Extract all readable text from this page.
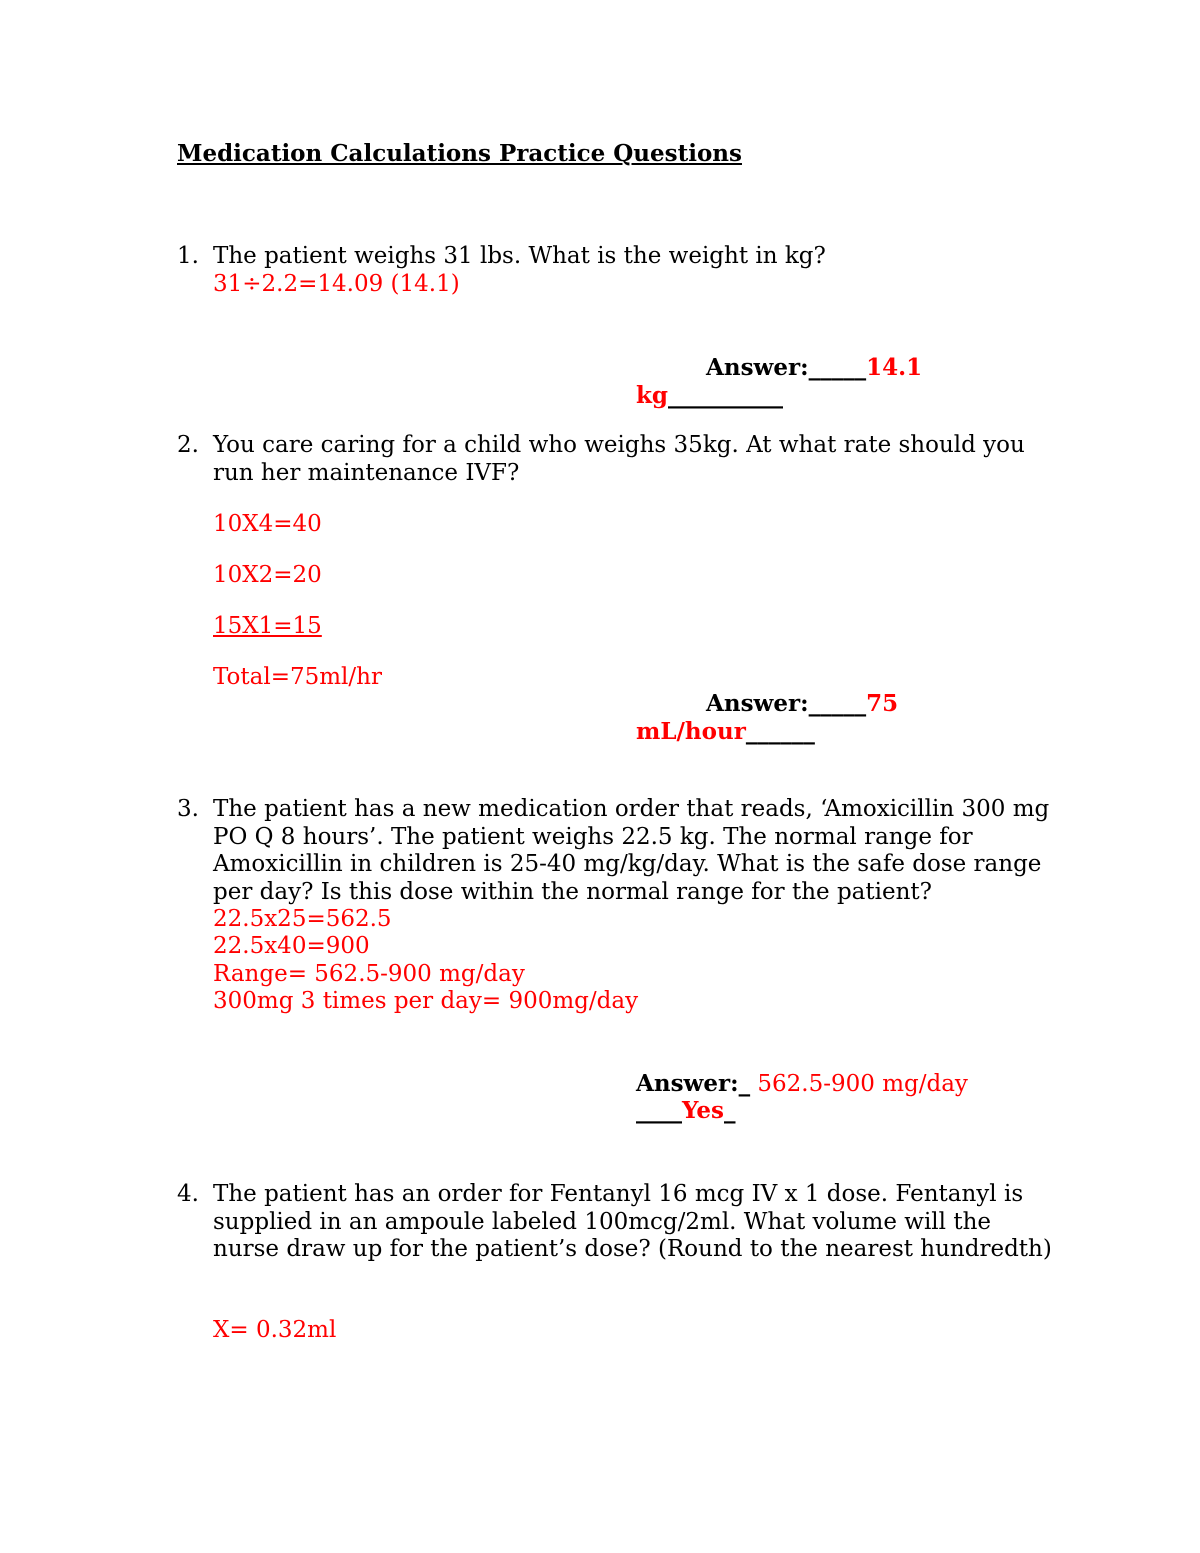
Medication Calculations Practice Questions
1. The patient weighs 31 lbs. What is the weight in kg?
31÷2.2=14.09 (14.1)
Answer:_____14.1
kg__________
2. You care caring for a child who weighs 35kg. At what rate should you run her maintenance IVF?
10X4=40
10X2=20
15X1=15
Total=75ml/hr
Answer:_____75
mL/hour______
3. The patient has a new medication order that reads, ‘Amoxicillin 300 mg PO Q 8 hours’. The patient weighs 22.5 kg. The normal range for Amoxicillin in children is 25-40 mg/kg/day. What is the safe dose range per day? Is this dose within the normal range for the patient?
22.5x25=562.5
22.5x40=900
Range= 562.5-900 mg/day
300mg 3 times per day= 900mg/day
Answer:_ 562.5-900 mg/day
____Yes_
4. The patient has an order for Fentanyl 16 mcg IV x 1 dose. Fentanyl is supplied in an ampoule labeled 100mcg/2ml. What volume will the nurse draw up for the patient’s dose? (Round to the nearest hundredth)
X= 0.32ml
